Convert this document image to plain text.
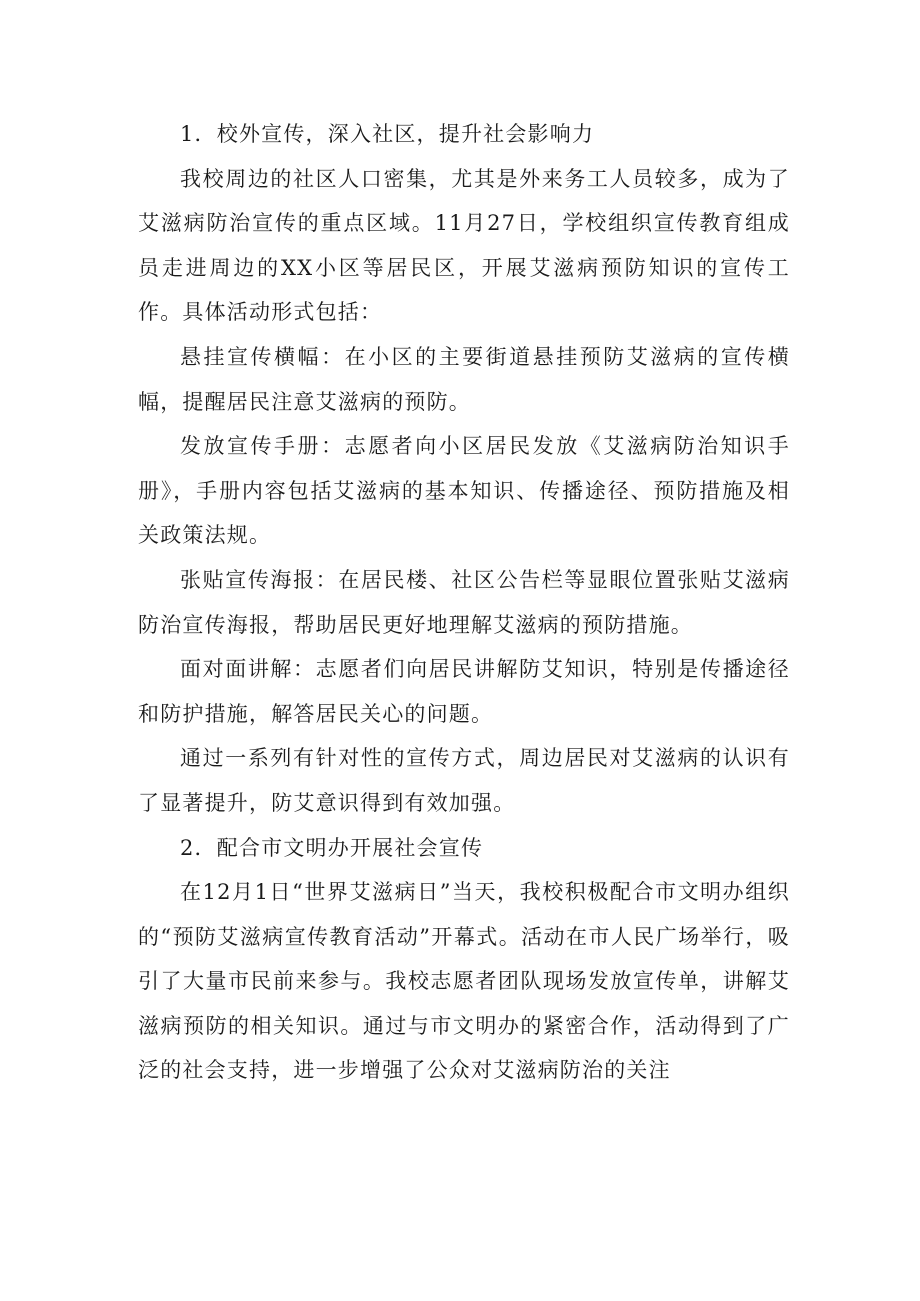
1．校外宣传，深入社区，提升社会影响力

我校周边的社区人口密集，尤其是外来务工人员较多，成为了艾滋病防治宣传的重点区域。11月27日，学校组织宣传教育组成员走进周边的XX小区等居民区，开展艾滋病预防知识的宣传工作。具体活动形式包括：

悬挂宣传横幅：在小区的主要街道悬挂预防艾滋病的宣传横幅，提醒居民注意艾滋病的预防。

发放宣传手册：志愿者向小区居民发放《艾滋病防治知识手册》，手册内容包括艾滋病的基本知识、传播途径、预防措施及相关政策法规。

张贴宣传海报：在居民楼、社区公告栏等显眼位置张贴艾滋病防治宣传海报，帮助居民更好地理解艾滋病的预防措施。

面对面讲解：志愿者们向居民讲解防艾知识，特别是传播途径和防护措施，解答居民关心的问题。

通过一系列有针对性的宣传方式，周边居民对艾滋病的认识有了显著提升，防艾意识得到有效加强。

2．配合市文明办开展社会宣传

在12月1日“世界艾滋病日”当天，我校积极配合市文明办组织的“预防艾滋病宣传教育活动”开幕式。活动在市人民广场举行，吸引了大量市民前来参与。我校志愿者团队现场发放宣传单，讲解艾滋病预防的相关知识。通过与市文明办的紧密合作，活动得到了广泛的社会支持，进一步增强了公众对艾滋病防治的关注
